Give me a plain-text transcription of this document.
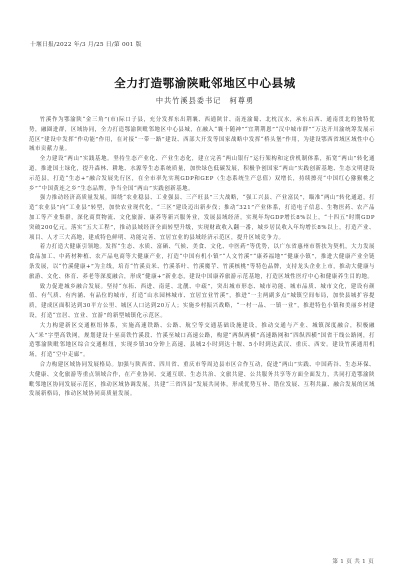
十堰日报/2022 年/3 月/25 日/第 001 版
全力打造鄂渝陕毗邻地区中心县城
中共竹溪县委书记　柯尊勇

竹溪作为鄂渝陕“金三角”(市)际口子县，充分发挥东出荆襄、西通陕甘、南连渝蜀、北枕汉水，承东启西、通南贯北的独特优势，融圈进群，区域协同，全力打造鄂渝陕毗邻地区中心县城，在融入“襄十随神”“宜荆荆恩”“汉中城市群”“万达开川渝统筹发展示范区”建设中发挥“作功能”作用，在对接“一带一路”建设、西部大开发等国家战略中发挥“桥头堡”作用，为建设鄂西省域区域性中心城市贡献力量。

全力建设“两山”实践基地。坚持生态产业化、产业生态化，建立完善“两山银行”运行架构和定价机制体系，拓宽“两山”转化通道，推进国土绿化，提升森林、耕地、水源等生态系统质量，加快绿色低碳发展，积极争创国家“两山”实践创新基地、生态文明建设示范县，打造“生态+”融合发展先行区，在全市率先实现GDP和GEP（生态系统生产总值）双增长，持续擦亮“中国红心猕猴桃之乡”“中国黄连之乡”生态品牌，争当全国“两山”实践创新基地。

强力推动经济高质量发展。围绕“农业稳县、工业强县、三产旺县”三大战略，“强工兴县、产业富民”，瞄准“两山”转化通道，打造“农业县”向“工业县”转型，加快农业现代化，“三区”建设迈出新步伐；推动“321”产业体系，打造电子信息、生物医药、农产品加工等产业集群，深化商贸物流、文化旅游、康养等新兴服务业，发展县域经济，实现年均GDP增长8%以上，“十四五”时期GDP突破200亿元。落实“五大工程”，推动县域经济全面转型升级，实现财政收入翻一番，城乡居民收入年均增长8%以上，打造产业、项目、人才三大高地，建成特色鲜明、功能完善、宜居宜业的县域经济示范区，提升区域竞争力。

着力打造大健康引领地。发挥“生态、水质、富硒、气候、美食、文化、中医药”等优势，以广东省惠州市帮扶为契机，大力发展食品加工、中药材种植、农产品电商等大健康产业，打造“中国有机小镇”“人文竹溪”“康养福地”“健康小镇”，推进大健康产业全链条发展，以“竹溪健康+”为主线，培育“竹溪贡米、竹溪茶叶、竹溪魔芋、竹溪核桃”等特色品牌，支持龙头企业上市，推动大健康与旅游、文化、体育、养老等深度融合，形成“健康+”新业态，建设中国康养旅游示范基地，打造区域性医疗中心和健康养生目的地。

致力促进城乡融合发展。坚持“东拓、西进、南延、北靓、中疏”，突出城市形态、城市功能、城市品质、城市文化，建设有颜值、有气质、有内涵、有品位的城市，打造“山水园林城市、宜居宜业竹溪”，推进“一主两副多点”城镇空间布局，加快县城扩容提质，建成区面积达到30平方公里、城区人口达到20万人；实施乡村振兴战略，“一村一品、一镇一业”，推进特色小镇和美丽乡村建设，打造“宜居、宜业、宜游”的新型城镇化示范区。

大力构建新区交通枢纽体系，实施高速铁路、公路、航空等交通基础设施建设，推动交通与产业、城镇深度融合，积极融入“米”字型高铁网，规划建设十巫高铁竹溪段、竹溪至城口高速公路，构建“两纵两横”高速路网和“四纵四横”国省干线公路网，打造鄂渝陕毗邻地区综合交通枢纽，实现乡镇30分钟上高速、县城2小时到达十堰、5小时到达武汉、重庆、西安。建设竹溪通用机场，打造“空中走廊”。

合力构建区域协同发展格局。加强与陕西省、四川省、重庆市等周边县市区合作互动，促进“两山”实践、中国药谷、生态环保、大健康、文化旅游等重点领域合作，在产业协同、交通互联、生态共治、文旅共建、公共服务共享等方面全面发力，共同打造鄂渝陕毗邻地区协同发展示范区，推动区域协调发展，共建“三省四县”发展共同体，形成优势互补、错位发展、互利共赢、融合发展的区域发展新格局，推动区域协同高质量发展。

第 1 页 共 1 页
